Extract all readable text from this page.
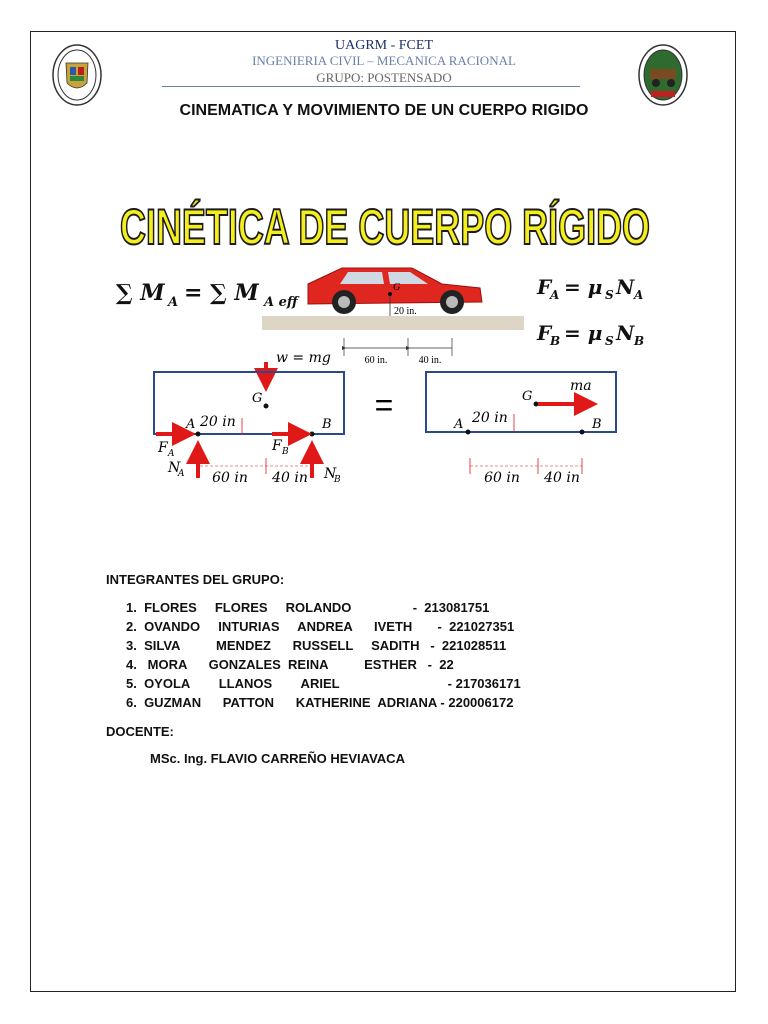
UAGRM - FCET
INGENIERIA CIVIL – MECANICA RACIONAL
GRUPO: POSTENSADO
CINEMATICA Y MOVIMIENTO DE UN CUERPO RIGIDO
CINÉTICA DE CUERPO RÍGIDO
∑ M A = ∑ M A eff
F
A = μ S N A
F
B = μ S N B
G
20 in.
60 in.	40 in.
w = mg
G
20 in
A	B
F A	F B
N
A	N
B
60 in 40 in
=	G
ma
20 in
A	B
60 in 40 in
INTEGRANTES DEL GRUPO:
1.  FLORES     FLORES     ROLANDO                 -  213081751
2.  OVANDO     INTURIAS     ANDREA      IVETH       -  221027351
3.  SILVA          MENDEZ      RUSSELL     SADITH   -  221028511
4.   MORA      GONZALES  REINA          ESTHER   -  22
5.  OYOLA        LLANOS        ARIEL                              - 217036171
6.  GUZMAN      PATTON      KATHERINE  ADRIANA - 220006172
DOCENTE:
MSc. Ing. FLAVIO CARREÑO HEVIAVACA
